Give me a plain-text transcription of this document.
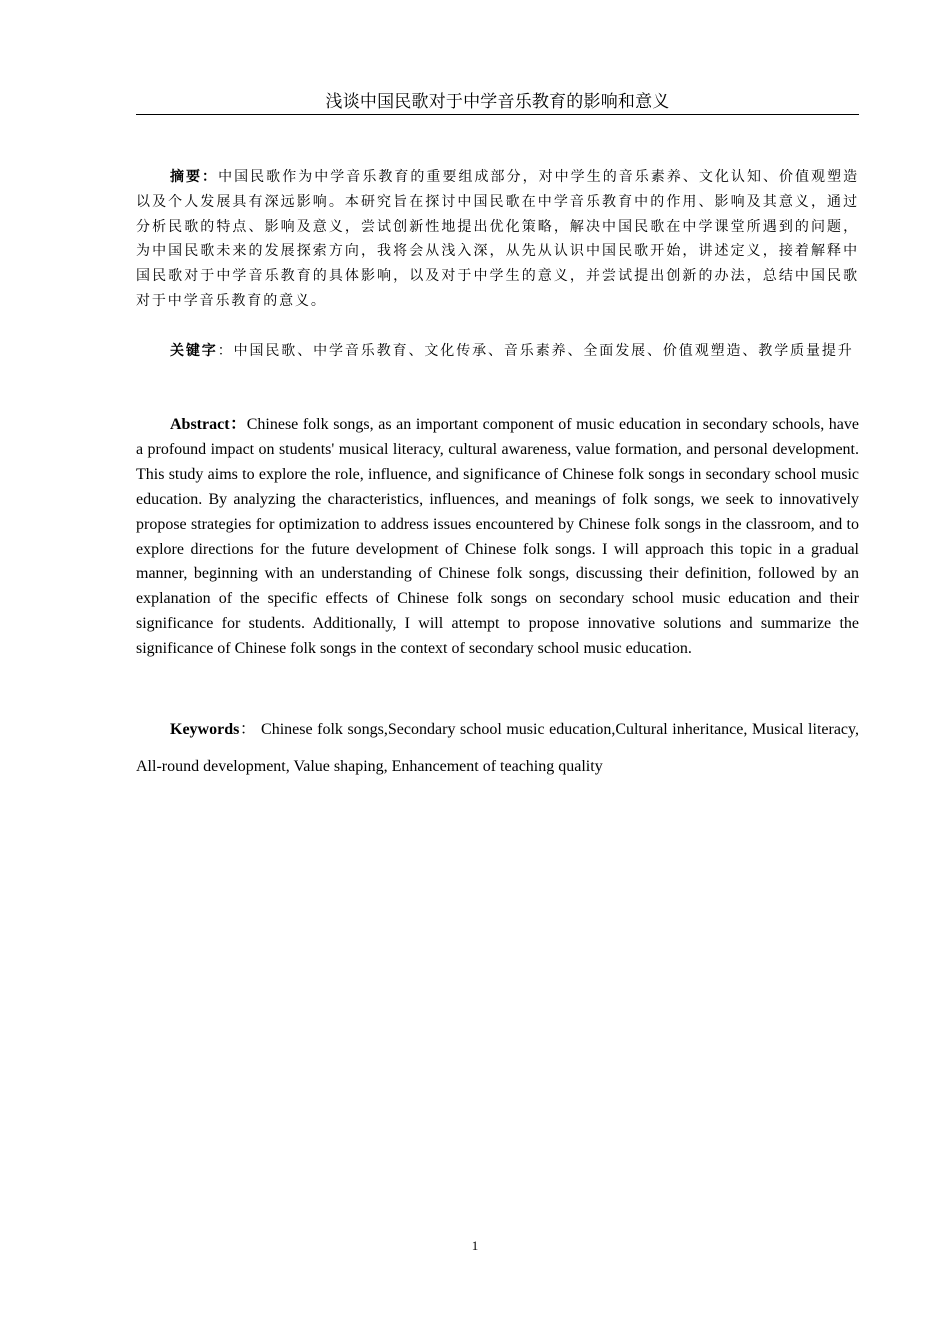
浅谈中国民歌对于中学音乐教育的影响和意义
摘要：中国民歌作为中学音乐教育的重要组成部分，对中学生的音乐素养、文化认知、价值观塑造以及个人发展具有深远影响。本研究旨在探讨中国民歌在中学音乐教育中的作用、影响及其意义，通过分析民歌的特点、影响及意义，尝试创新性地提出优化策略，解决中国民歌在中学课堂所遇到的问题，为中国民歌未来的发展探索方向，我将会从浅入深，从先从认识中国民歌开始，讲述定义，接着解释中国民歌对于中学音乐教育的具体影响，以及对于中学生的意义，并尝试提出创新的办法，总结中国民歌对于中学音乐教育的意义。
关键字：中国民歌、中学音乐教育、文化传承、音乐素养、全面发展、价值观塑造、教学质量提升
Abstract：Chinese folk songs, as an important component of music education in secondary schools, have a profound impact on students' musical literacy, cultural awareness, value formation, and personal development. This study aims to explore the role, influence, and significance of Chinese folk songs in secondary school music education. By analyzing the characteristics, influences, and meanings of folk songs, we seek to innovatively propose strategies for optimization to address issues encountered by Chinese folk songs in the classroom, and to explore directions for the future development of Chinese folk songs. I will approach this topic in a gradual manner, beginning with an understanding of Chinese folk songs, discussing their definition, followed by an explanation of the specific effects of Chinese folk songs on secondary school music education and their significance for students. Additionally, I will attempt to propose innovative solutions and summarize the significance of Chinese folk songs in the context of secondary school music education.
Keywords： Chinese folk songs,Secondary school music education,Cultural inheritance, Musical literacy, All-round development, Value shaping, Enhancement of teaching quality
1
